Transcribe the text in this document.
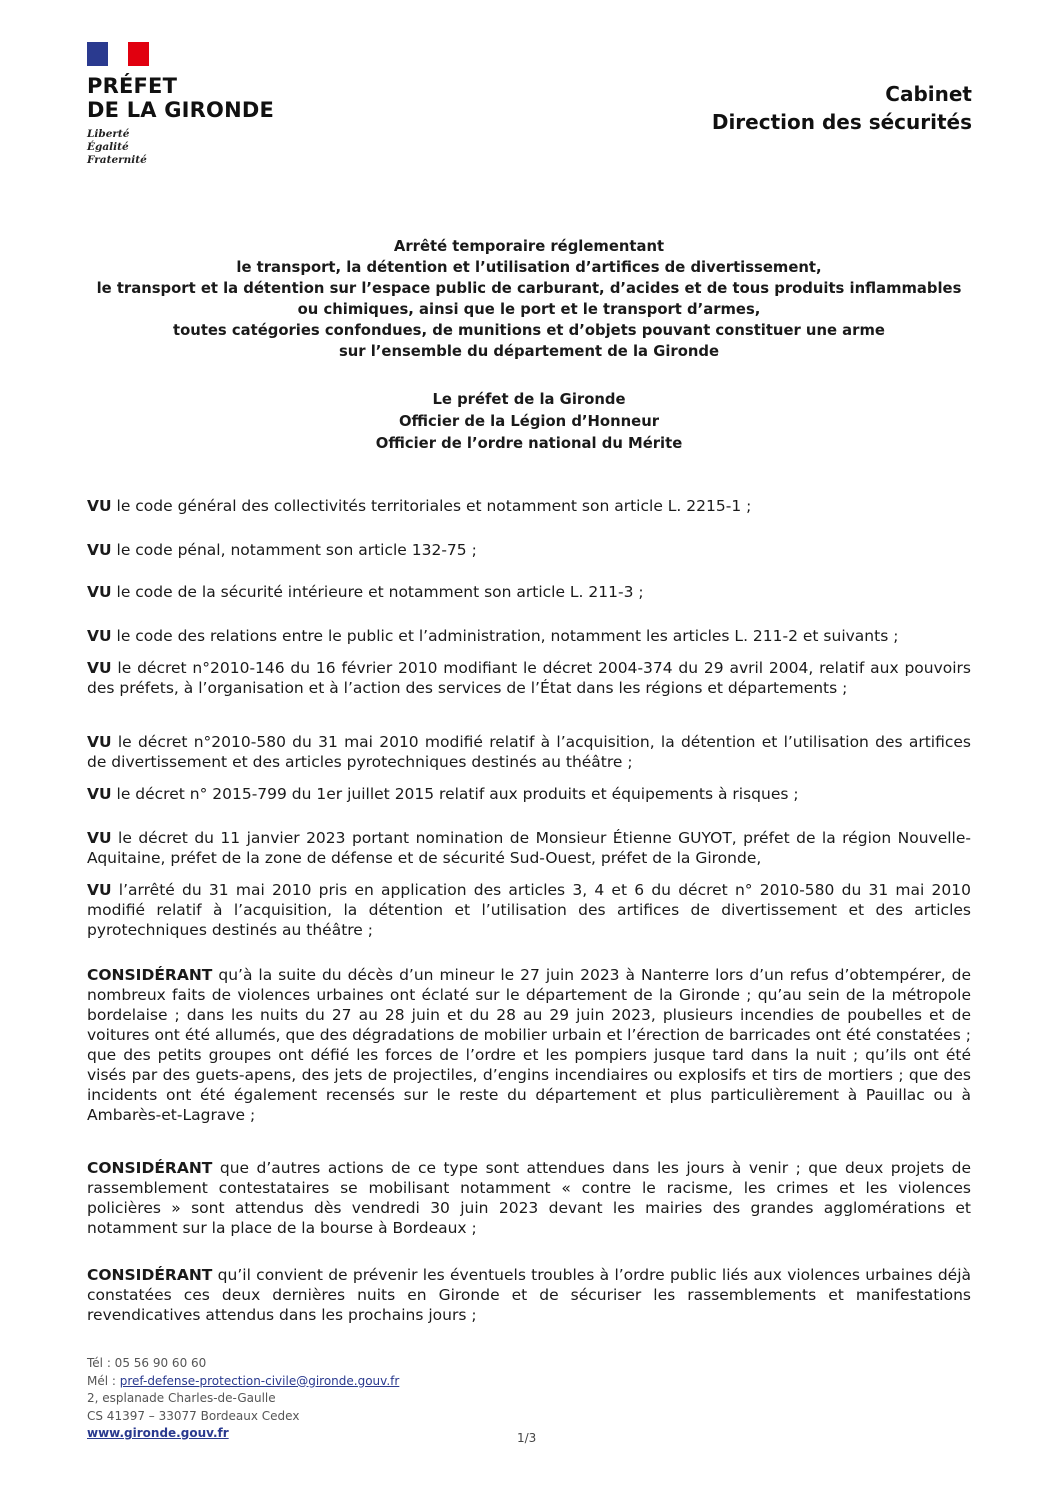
PRÉFET
DE LA GIRONDE
Liberté
Égalité
Fraternité
Cabinet
Direction des sécurités
Arrêté temporaire réglementant
le transport, la détention et l’utilisation d’artifices de divertissement,
le transport et la détention sur l’espace public de carburant, d’acides et de tous produits inflammables
ou chimiques, ainsi que le port et le transport d’armes,
toutes catégories confondues, de munitions et d’objets pouvant constituer une arme
sur l’ensemble du département de la Gironde
Le préfet de la Gironde
Officier de la Légion d’Honneur
Officier de l’ordre national du Mérite
VU le code général des collectivités territoriales et notamment son article L. 2215-1 ;
VU le code pénal, notamment son article 132-75 ;
VU le code de la sécurité intérieure et notamment son article L. 211-3 ;
VU le code des relations entre le public et l’administration, notamment les articles L. 211-2 et suivants ;
VU le décret n°2010-146 du 16 février 2010 modifiant le décret 2004-374 du 29 avril 2004, relatif aux pouvoirs des préfets, à l’organisation et à l’action des services de l’État dans les régions et départements ;
VU le décret n°2010-580 du 31 mai 2010 modifié relatif à l’acquisition, la détention et l’utilisation des artifices de divertissement et des articles pyrotechniques destinés au théâtre ;
VU le décret n° 2015-799 du 1er juillet 2015 relatif aux produits et équipements à risques ;
VU le décret du 11 janvier 2023 portant nomination de Monsieur Étienne GUYOT, préfet de la région Nouvelle-Aquitaine, préfet de la zone de défense et de sécurité Sud-Ouest, préfet de la Gironde,
VU l’arrêté du 31 mai 2010 pris en application des articles 3, 4 et 6 du décret n° 2010-580 du 31 mai 2010 modifié relatif à l’acquisition, la détention et l’utilisation des artifices de divertissement et des articles pyrotechniques destinés au théâtre ;
CONSIDÉRANT qu’à la suite du décès d’un mineur le 27 juin 2023 à Nanterre lors d’un refus d’obtempérer, de nombreux faits de violences urbaines ont éclaté sur le département de la Gironde ; qu’au sein de la métropole bordelaise ; dans les nuits du 27 au 28 juin et du 28 au 29 juin 2023, plusieurs incendies de poubelles et de voitures ont été allumés, que des dégradations de mobilier urbain et l’érection de barricades ont été constatées ; que des petits groupes ont défié les forces de l’ordre et les pompiers jusque tard dans la nuit ; qu’ils ont été visés par des guets-apens, des jets de projectiles, d’engins incendiaires ou explosifs et tirs de mortiers ; que des incidents ont été également recensés sur le reste du département et plus particulièrement à Pauillac ou à Ambarès-et-Lagrave ;
CONSIDÉRANT que d’autres actions de ce type sont attendues dans les jours à venir ; que deux projets de rassemblement contestataires se mobilisant notamment « contre le racisme, les crimes et les violences policières » sont attendus dès vendredi 30 juin 2023 devant les mairies des grandes agglomérations et notamment sur la place de la bourse à Bordeaux ;
CONSIDÉRANT qu’il convient de prévenir les éventuels troubles à l’ordre public liés aux violences urbaines déjà constatées ces deux dernières nuits en Gironde et de sécuriser les rassemblements et manifestations revendicatives attendus dans les prochains jours ;
Tél : 05 56 90 60 60
Mél : pref-defense-protection-civile@gironde.gouv.fr
2, esplanade Charles-de-Gaulle
CS 41397 – 33077 Bordeaux Cedex
www.gironde.gouv.fr	1/3
